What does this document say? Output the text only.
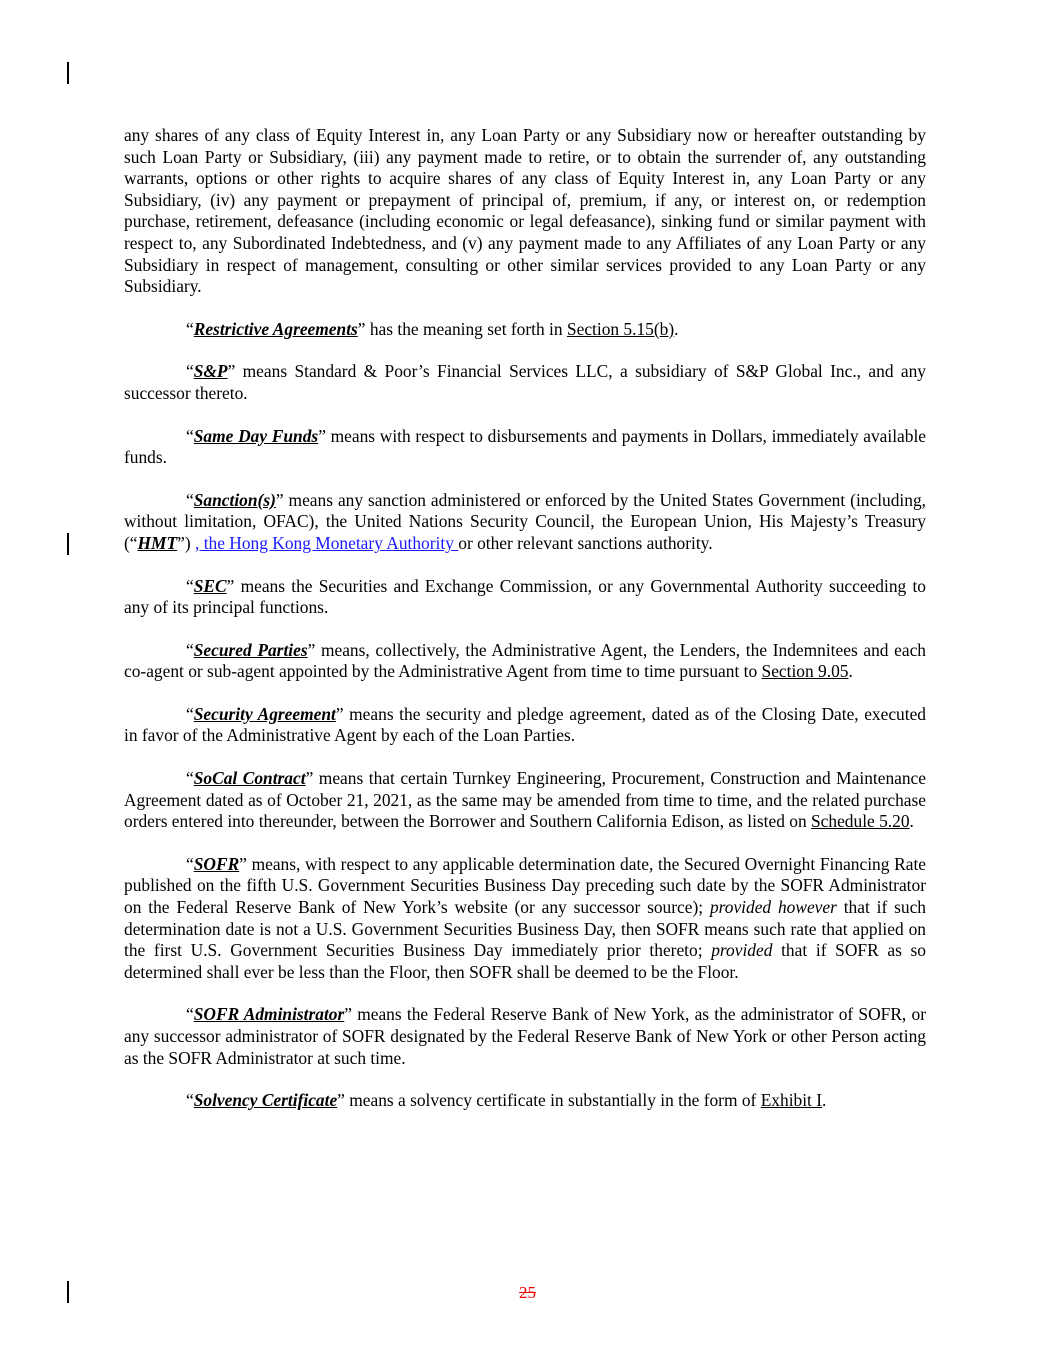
any shares of any class of Equity Interest in, any Loan Party or any Subsidiary now or hereafter outstanding by such Loan Party or Subsidiary, (iii) any payment made to retire, or to obtain the surrender of, any outstanding warrants, options or other rights to acquire shares of any class of Equity Interest in, any Loan Party or any Subsidiary, (iv) any payment or prepayment of principal of, premium, if any, or interest on, or redemption purchase, retirement, defeasance (including economic or legal defeasance), sinking fund or similar payment with respect to, any Subordinated Indebtedness, and (v) any payment made to any Affiliates of any Loan Party or any Subsidiary in respect of management, consulting or other similar services provided to any Loan Party or any Subsidiary.

“Restrictive Agreements” has the meaning set forth in Section 5.15(b).

“S&P” means Standard & Poor’s Financial Services LLC, a subsidiary of S&P Global Inc., and any successor thereto.

“Same Day Funds” means with respect to disbursements and payments in Dollars, immediately available funds.

“Sanction(s)” means any sanction administered or enforced by the United States Government (including, without limitation, OFAC), the United Nations Security Council, the European Union, His Majesty’s Treasury (“HMT”) , the Hong Kong Monetary Authority or other relevant sanctions authority.

“SEC” means the Securities and Exchange Commission, or any Governmental Authority succeeding to any of its principal functions.

“Secured Parties” means, collectively, the Administrative Agent, the Lenders, the Indemnitees and each co-agent or sub-agent appointed by the Administrative Agent from time to time pursuant to Section 9.05.

“Security Agreement” means the security and pledge agreement, dated as of the Closing Date, executed in favor of the Administrative Agent by each of the Loan Parties.

“SoCal Contract” means that certain Turnkey Engineering, Procurement, Construction and Maintenance Agreement dated as of October 21, 2021, as the same may be amended from time to time, and the related purchase orders entered into thereunder, between the Borrower and Southern California Edison, as listed on Schedule 5.20.

“SOFR” means, with respect to any applicable determination date, the Secured Overnight Financing Rate published on the fifth U.S. Government Securities Business Day preceding such date by the SOFR Administrator on the Federal Reserve Bank of New York’s website (or any successor source); provided however that if such determination date is not a U.S. Government Securities Business Day, then SOFR means such rate that applied on the first U.S. Government Securities Business Day immediately prior thereto; provided that if SOFR as so determined shall ever be less than the Floor, then SOFR shall be deemed to be the Floor.

“SOFR Administrator” means the Federal Reserve Bank of New York, as the administrator of SOFR, or any successor administrator of SOFR designated by the Federal Reserve Bank of New York or other Person acting as the SOFR Administrator at such time.

“Solvency Certificate” means a solvency certificate in substantially in the form of Exhibit I.

25
